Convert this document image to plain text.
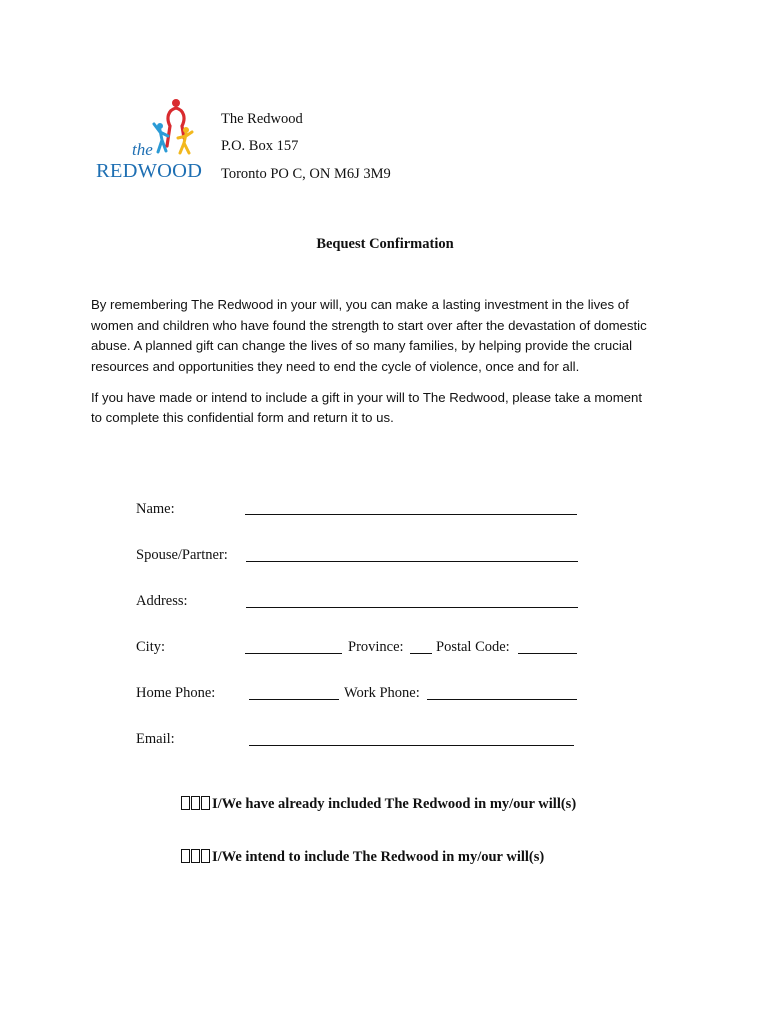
the
REDWOOD
The Redwood
P.O. Box 157
Toronto PO C, ON M6J 3M9
Bequest Confirmation

By remembering The Redwood in your will, you can make a lasting investment in the lives of

women and children who have found the strength to start over after the devastation of domestic

abuse. A planned gift can change the lives of so many families, by helping provide the crucial

resources and opportunities they need to end the cycle of violence, once and for all.

If you have made or intend to include a gift in your will to The Redwood, please take a moment

to complete this confidential form and return it to us.

Name:
Spouse/Partner:
Address:
City:	Province: Postal Code:
Home Phone:	Work Phone:
Email:
I/We have already included The Redwood in my/our will(s)
I/We intend to include The Redwood in my/our will(s)
